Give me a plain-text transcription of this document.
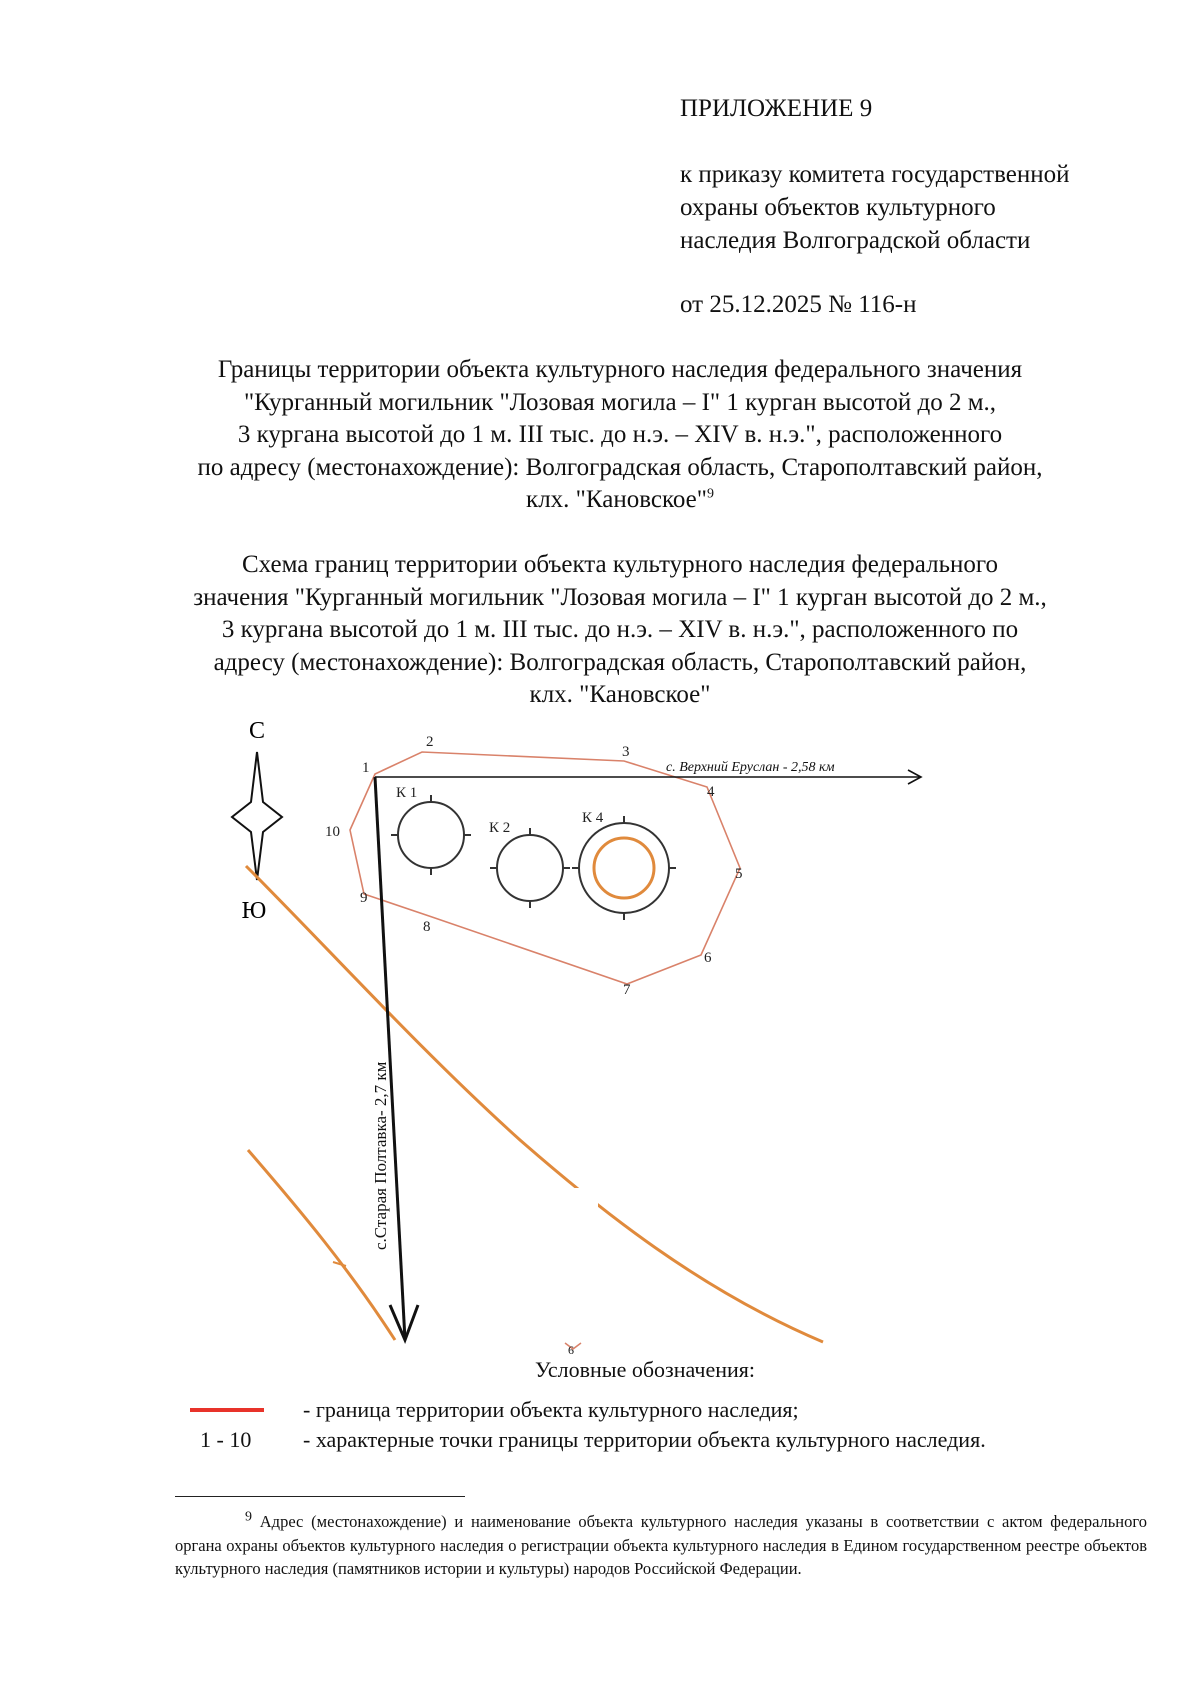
ПРИЛОЖЕНИЕ 9
к приказу комитета государственной
охраны объектов культурного
наследия Волгоградской области
от 25.12.2025 № 116-н
Границы территории объекта культурного наследия федерального значения
"Курганный могильник "Лозовая могила – I" 1 курган высотой до 2 м.,
3 кургана высотой до 1 м. III тыс. до н.э. – XIV в. н.э.", расположенного
по адресу (местонахождение): Волгоградская область, Старополтавский район,
клх. "Кановское"$^9$
Схема границ территории объекта культурного наследия федерального
значения "Курганный могильник "Лозовая могила – I" 1 курган высотой до 2 м.,
3 кургана высотой до 1 м. III тыс. до н.э. – XIV в. н.э.", расположенного по
адресу (местонахождение): Волгоградская область, Старополтавский район,
клх. "Кановское"
С
Ю
1
2
3
4
5
6
7
8
9
10
К 1
К 2
К 4
с. Верхний Еруслан - 2,58 км
с.Старая Полтавка- 2,7 км
6
Условные обозначения:
- граница территории объекта культурного наследия;
1 - 10 - характерные точки границы территории объекта культурного наследия.
$^9$ Адрес (местонахождение) и наименование объекта культурного наследия указаны в соответствии с актом федерального органа охраны объектов культурного наследия о регистрации объекта культурного наследия в Едином государственном реестре объектов культурного наследия (памятников истории и культуры) народов Российской Федерации.
